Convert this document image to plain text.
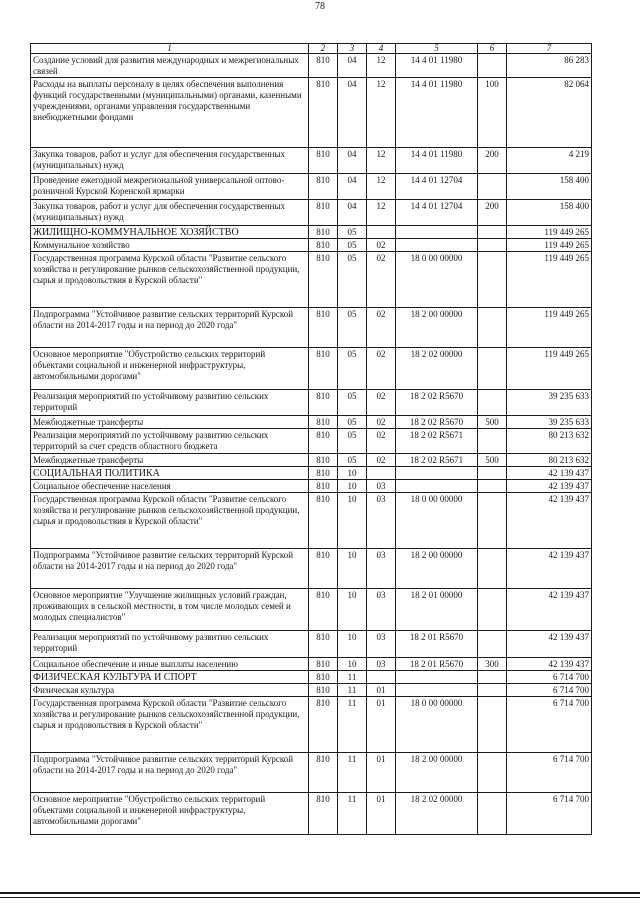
78
1	2	3	4	5	6	7
Создание условий для развития международных и межрегиональных связей	810	04	12	14 4 01 11980		86 283
Расходы на выплаты персоналу в целях обеспечения выполнения функций государственными (муниципальными) органами, казенными учреждениями, органами управления государственными внебюджетными фондами	810	04	12	14 4 01 11980	100	82 064
Закупка товаров, работ и услуг для обеспечения государственных (муниципальных) нужд	810	04	12	14 4 01 11980	200	4 219
Проведение ежегодной межрегиональной универсальной оптово-розничной Курской Коренской ярмарки	810	04	12	14 4 01 12704		158 400
Закупка товаров, работ и услуг для обеспечения государственных (муниципальных) нужд	810	04	12	14 4 01 12704	200	158 400
ЖИЛИЩНО-КОММУНАЛЬНОЕ ХОЗЯЙСТВО	810	05				119 449 265
Коммунальное хозяйство	810	05	02			119 449 265
Государственная программа Курской области "Развитие сельского хозяйства и регулирование рынков сельскохозяйственной продукции, сырья и продовольствия в Курской области"	810	05	02	18 0 00 00000		119 449 265
Подпрограмма "Устойчивое развитие сельских территорий Курской области на 2014-2017 годы и на период до 2020 года"	810	05	02	18 2 00 00000		119 449 265
Основное мероприятие "Обустройство сельских территорий объектами социальной и инженерной инфраструктуры, автомобильными дорогами"	810	05	02	18 2 02 00000		119 449 265
Реализация мероприятий по устойчивому развитию сельских территорий	810	05	02	18 2 02 R5670		39 235 633
Межбюджетные трансферты	810	05	02	18 2 02 R5670	500	39 235 633
Реализация мероприятий по устойчивому развитию сельских территорий за счет средств областного бюджета	810	05	02	18 2 02 R5671		80 213 632
Межбюджетные трансферты	810	05	02	18 2 02 R5671	500	80 213 632
СОЦИАЛЬНАЯ ПОЛИТИКА	810	10				42 139 437
Социальное обеспечение населения	810	10	03			42 139 437
Государственная программа Курской области "Развитие сельского хозяйства и регулирование рынков сельскохозяйственной продукции, сырья и продовольствия в Курской области"	810	10	03	18 0 00 00000		42 139 437
Подпрограмма "Устойчивое развитие сельских территорий Курской области на 2014-2017 годы и на период до 2020 года"	810	10	03	18 2 00 00000		42 139 437
Основное мероприятие "Улучшение жилищных условий граждан, проживающих в сельской местности, в том числе молодых семей и молодых специалистов"	810	10	03	18 2 01 00000		42 139 437
Реализация мероприятий по устойчивому развитию сельских территорий	810	10	03	18 2 01 R5670		42 139 437
Социальное обеспечение и иные выплаты населению	810	10	03	18 2 01 R5670	300	42 139 437
ФИЗИЧЕСКАЯ КУЛЬТУРА И СПОРТ	810	11				6 714 700
Физическая культура	810	11	01			6 714 700
Государственная программа Курской области "Развитие сельского хозяйства и регулирование рынков сельскохозяйственной продукции, сырья и продовольствия в Курской области"	810	11	01	18 0 00 00000		6 714 700
Подпрограмма "Устойчивое развитие сельских территорий Курской области на 2014-2017 годы и на период до 2020 года"	810	11	01	18 2 00 00000		6 714 700
Основное мероприятие "Обустройство сельских территорий объектами социальной и инженерной инфраструктуры, автомобильными дорогами"	810	11	01	18 2 02 00000		6 714 700
